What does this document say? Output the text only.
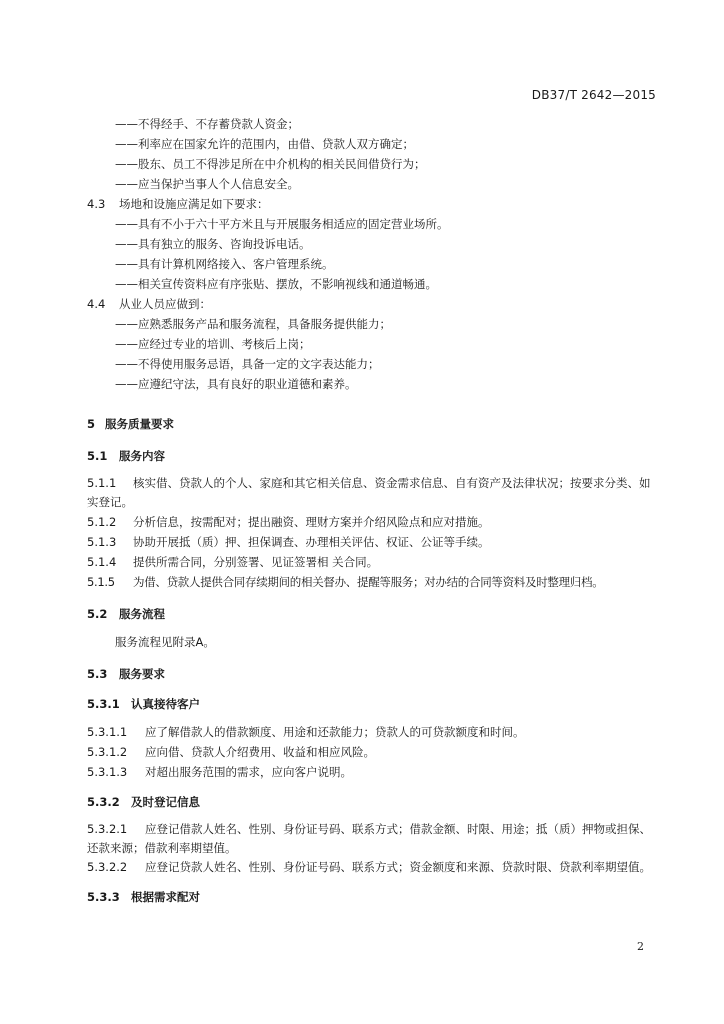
DB37/T 2642—2015
——不得经手、不存蓄贷款人资金；
——利率应在国家允许的范围内，由借、贷款人双方确定；
——股东、员工不得涉足所在中介机构的相关民间借贷行为；
——应当保护当事人个人信息安全。
4.3 场地和设施应满足如下要求：
——具有不小于六十平方米且与开展服务相适应的固定营业场所。
——具有独立的服务、咨询投诉电话。
——具有计算机网络接入、客户管理系统。
——相关宣传资料应有序张贴、摆放，不影响视线和通道畅通。
4.4 从业人员应做到：
——应熟悉服务产品和服务流程，具备服务提供能力；
——应经过专业的培训、考核后上岗；
——不得使用服务忌语，具备一定的文字表达能力；
——应遵纪守法，具有良好的职业道德和素养。
5 服务质量要求
5.1 服务内容
5.1.1 核实借、贷款人的个人、家庭和其它相关信息、资金需求信息、自有资产及法律状况；按要求分类、如实登记。
5.1.2 分析信息，按需配对；提出融资、理财方案并介绍风险点和应对措施。
5.1.3 协助开展抵（质）押、担保调查、办理相关评估、权证、公证等手续。
5.1.4 提供所需合同，分别签署、见证签署相 关合同。
5.1.5 为借、贷款人提供合同存续期间的相关督办、提醒等服务；对办结的合同等资料及时整理归档。
5.2 服务流程
服务流程见附录A。
5.3 服务要求
5.3.1 认真接待客户
5.3.1.1 应了解借款人的借款额度、用途和还款能力；贷款人的可贷款额度和时间。
5.3.1.2 应向借、贷款人介绍费用、收益和相应风险。
5.3.1.3 对超出服务范围的需求，应向客户说明。
5.3.2 及时登记信息
5.3.2.1 应登记借款人姓名、性别、身份证号码、联系方式；借款金额、时限、用途；抵（质）押物或担保、还款来源；借款利率期望值。
5.3.2.2 应登记贷款人姓名、性别、身份证号码、联系方式；资金额度和来源、贷款时限、贷款利率期望值。
5.3.3 根据需求配对
2
